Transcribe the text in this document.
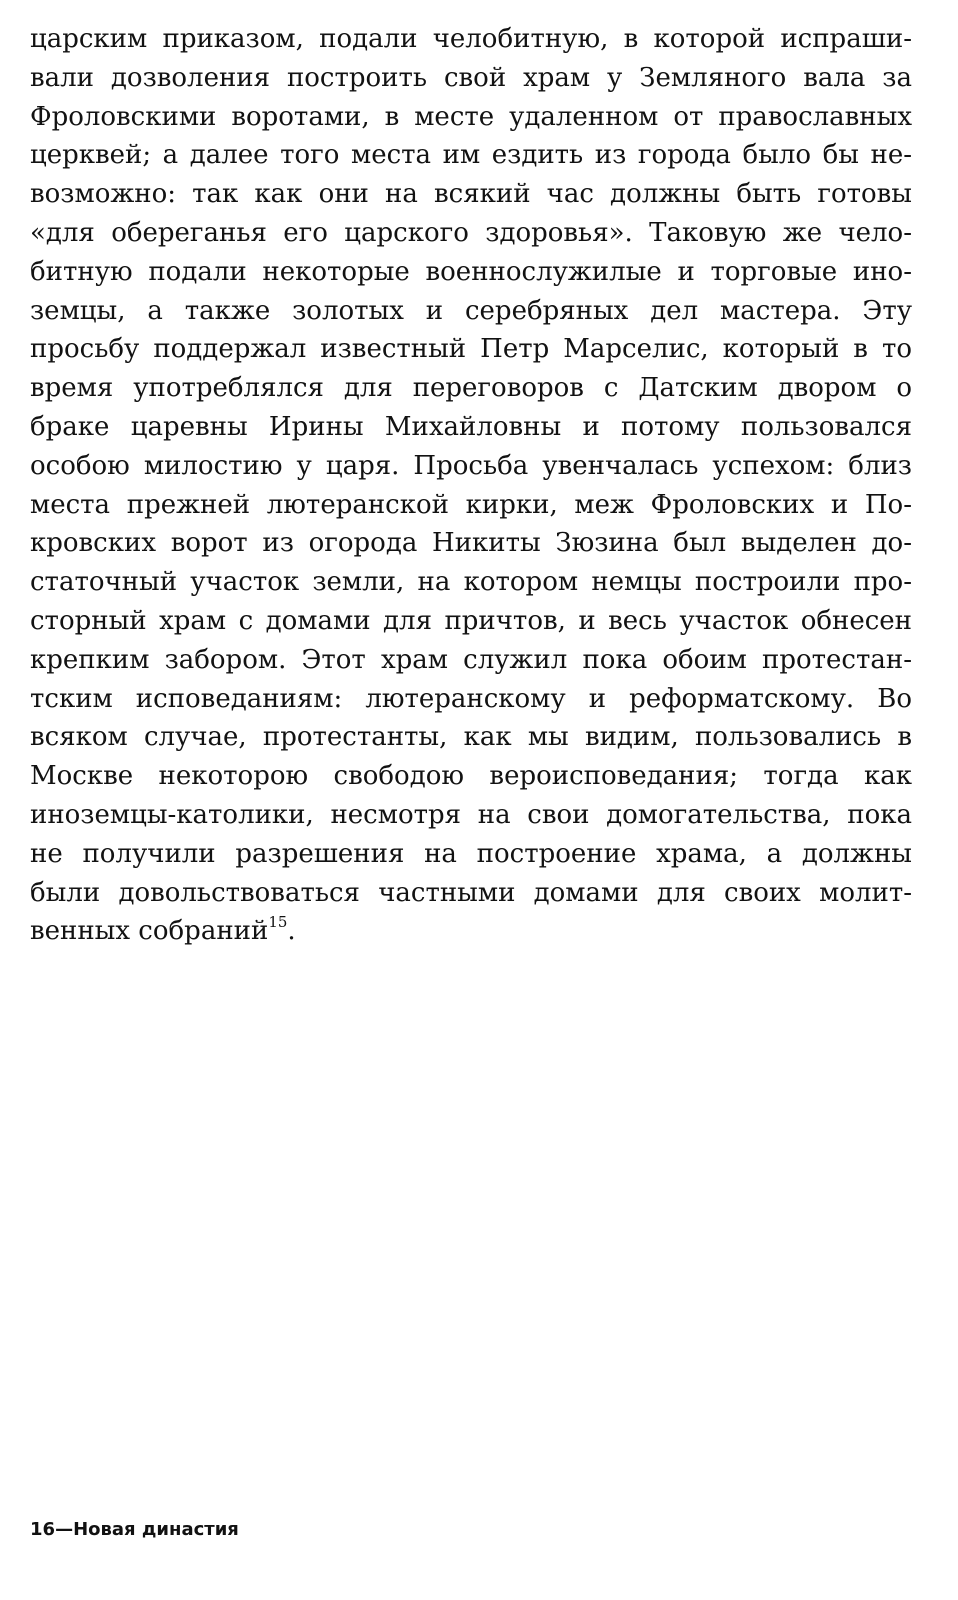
царским приказом, подали челобитную, в которой испраши-
вали дозволения построить свой храм у Земляного вала за
Фроловскими воротами, в месте удаленном от православных
церквей; а далее того места им ездить из города было бы не-
возможно: так как они на всякий час должны быть готовы
«для обереганья его царского здоровья». Таковую же чело-
битную подали некоторые военнослужилые и торговые ино-
земцы, а также золотых и серебряных дел мастера. Эту
просьбу поддержал известный Петр Марселис, который в то
время употреблялся для переговоров с Датским двором о
браке царевны Ирины Михайловны и потому пользовался
особою милостию у царя. Просьба увенчалась успехом: близ
места прежней лютеранской кирки, меж Фроловских и По-
кровских ворот из огорода Никиты Зюзина был выделен до-
статочный участок земли, на котором немцы построили про-
сторный храм с домами для причтов, и весь участок обнесен
крепким забором. Этот храм служил пока обоим протестан-
тским исповеданиям: лютеранскому и реформатскому. Во
всяком случае, протестанты, как мы видим, пользовались в
Москве некоторою свободою вероисповедания; тогда как
иноземцы-католики, несмотря на свои домогательства, пока
не получили разрешения на построение храма, а должны
были довольствоваться частными домами для своих молит-
венных собраний$^{15}$.
16—Новая династия
